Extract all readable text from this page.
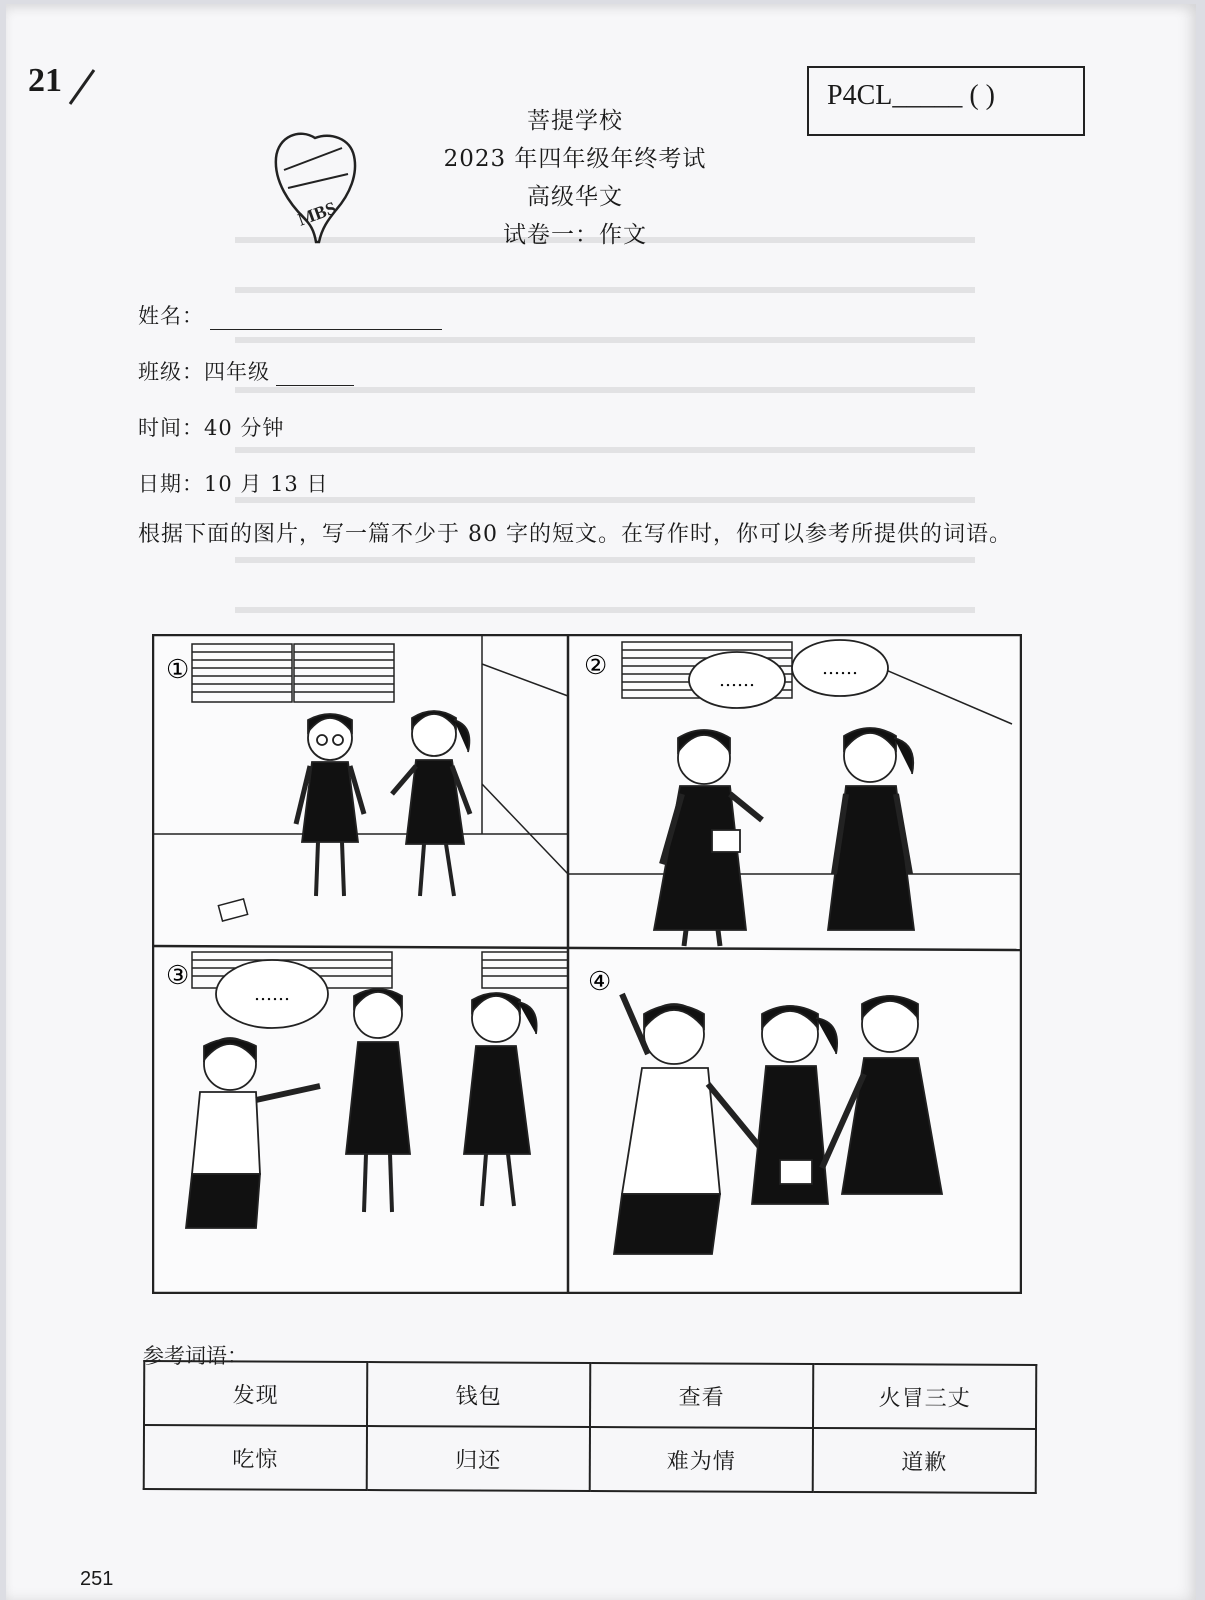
21	P4CL_____ ( )
MBS
菩提学校
2023 年四年级年终考试
高级华文
试卷一：作文
姓名：
班级：四年级
时间：40 分钟
日期：10 月 13 日
根据下面的图片，写一篇不少于 80 字的短文。在写作时，你可以参考所提供的词语。
①	②	……
……
③
……	④
参考词语：
发现	钱包	查看	火冒三丈
吃惊	归还	难为情	道歉
251
